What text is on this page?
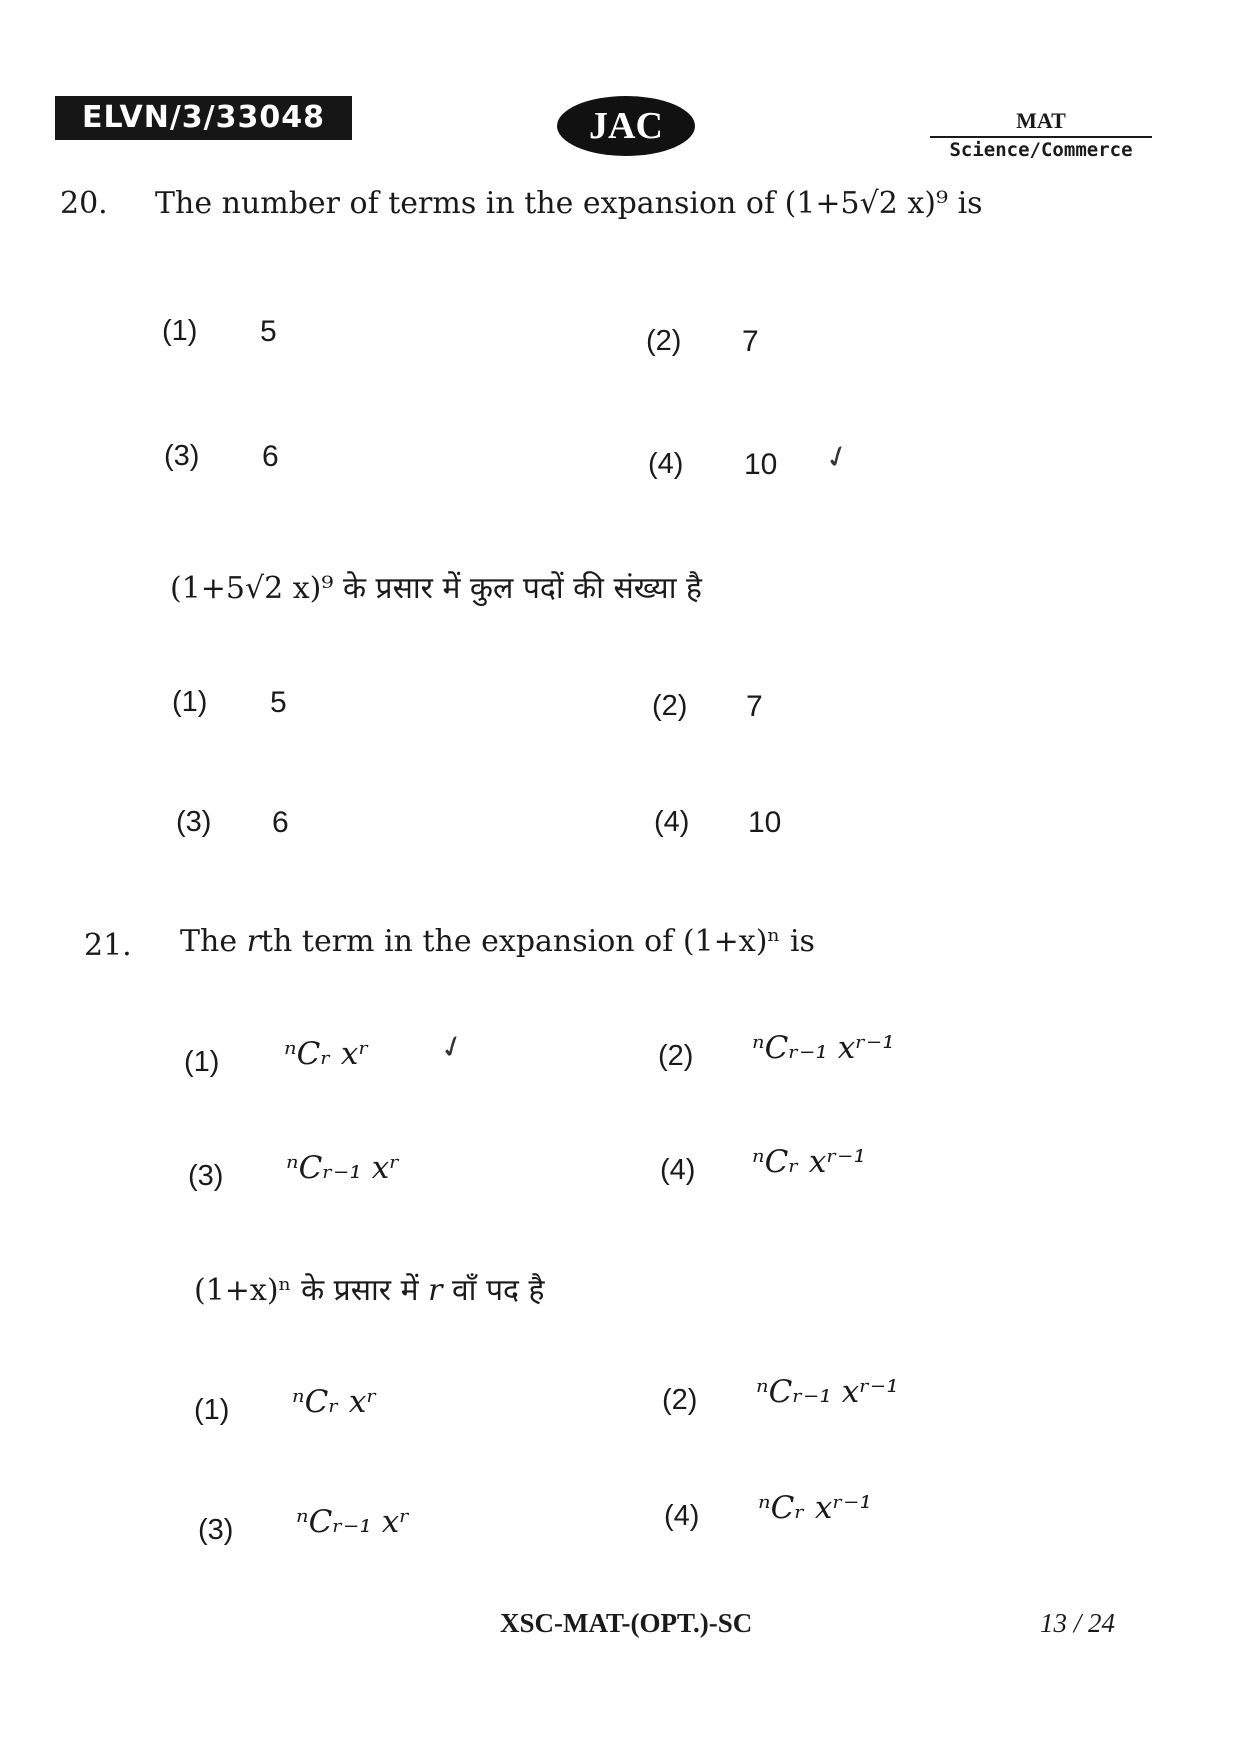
ELVN/3/33048	JAC	MAT
Science/Commerce
20. The number of terms in the expansion of (1+5√2 x)⁹ is
(1) 5	(2) 7
(3) 6	(4) 10 ✓
(1+5√2 x)⁹ के प्रसार में कुल पदों की संख्या है
(1) 5	(2) 7
(3) 6	(4) 10
21. The rth term in the expansion of (1+x)ⁿ is
(1) ⁿCᵣ xʳ ✓	(2) ⁿCᵣ₋₁ xʳ⁻¹
(3) ⁿCᵣ₋₁ xʳ	(4) ⁿCᵣ xʳ⁻¹
(1+x)ⁿ के प्रसार में r वाँ पद है
(1) ⁿCᵣ xʳ	(2) ⁿCᵣ₋₁ xʳ⁻¹
(3) ⁿCᵣ₋₁ xʳ	(4) ⁿCᵣ xʳ⁻¹
XSC-MAT-(OPT.)-SC	13 / 24
